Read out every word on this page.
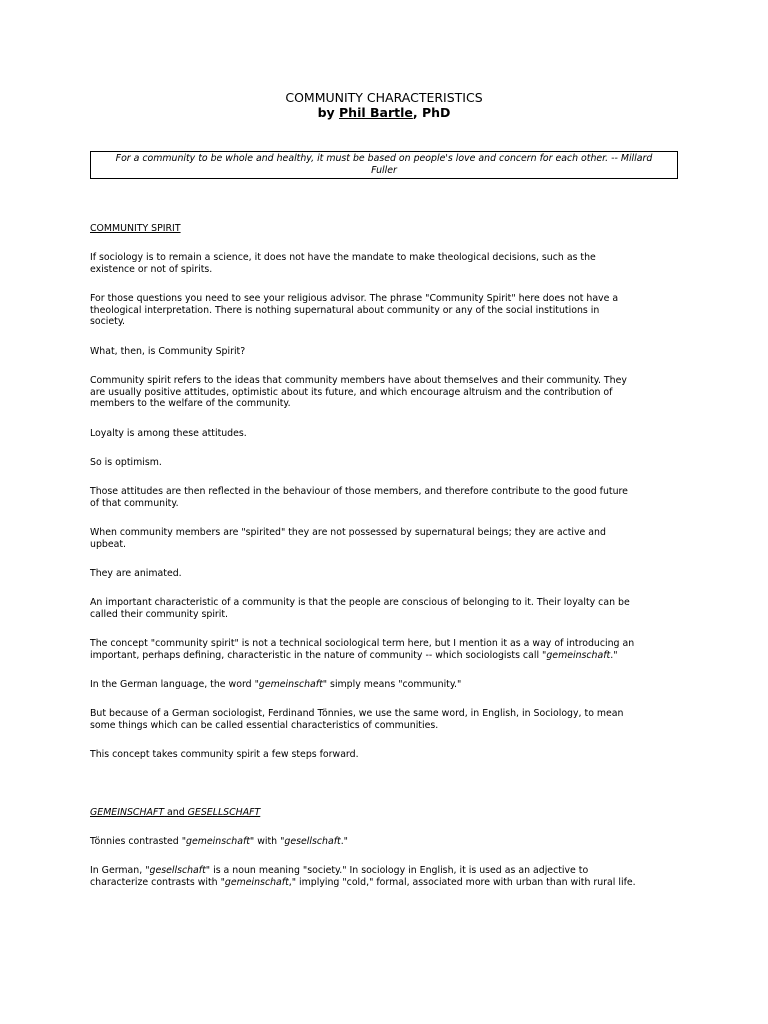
COMMUNITY CHARACTERISTICS
by Phil Bartle, PhD
For a community to be whole and healthy, it must be based on people's love and concern for each other. -- Millard
Fuller
COMMUNITY SPIRIT
If sociology is to remain a science, it does not have the mandate to make theological decisions, such as the
existence or not of spirits.
For those questions you need to see your religious advisor. The phrase "Community Spirit" here does not have a
theological interpretation. There is nothing supernatural about community or any of the social institutions in
society.
What, then, is Community Spirit?
Community spirit refers to the ideas that community members have about themselves and their community. They
are usually positive attitudes, optimistic about its future, and which encourage altruism and the contribution of
members to the welfare of the community.
Loyalty is among these attitudes.
So is optimism.
Those attitudes are then reflected in the behaviour of those members, and therefore contribute to the good future
of that community.
When community members are "spirited" they are not possessed by supernatural beings; they are active and
upbeat.
They are animated.
An important characteristic of a community is that the people are conscious of belonging to it. Their loyalty can be
called their community spirit.
The concept "community spirit" is not a technical sociological term here, but I mention it as a way of introducing an
important, perhaps defining, characteristic in the nature of community -- which sociologists call "gemeinschaft."
In the German language, the word "gemeinschaft" simply means "community."
But because of a German sociologist, Ferdinand Tönnies, we use the same word, in English, in Sociology, to mean
some things which can be called essential characteristics of communities.
This concept takes community spirit a few steps forward.
GEMEINSCHAFT and GESELLSCHAFT
Tönnies contrasted "gemeinschaft" with "gesellschaft."
In German, "gesellschaft" is a noun meaning "society." In sociology in English, it is used as an adjective to
characterize contrasts with "gemeinschaft," implying "cold," formal, associated more with urban than with rural life.
